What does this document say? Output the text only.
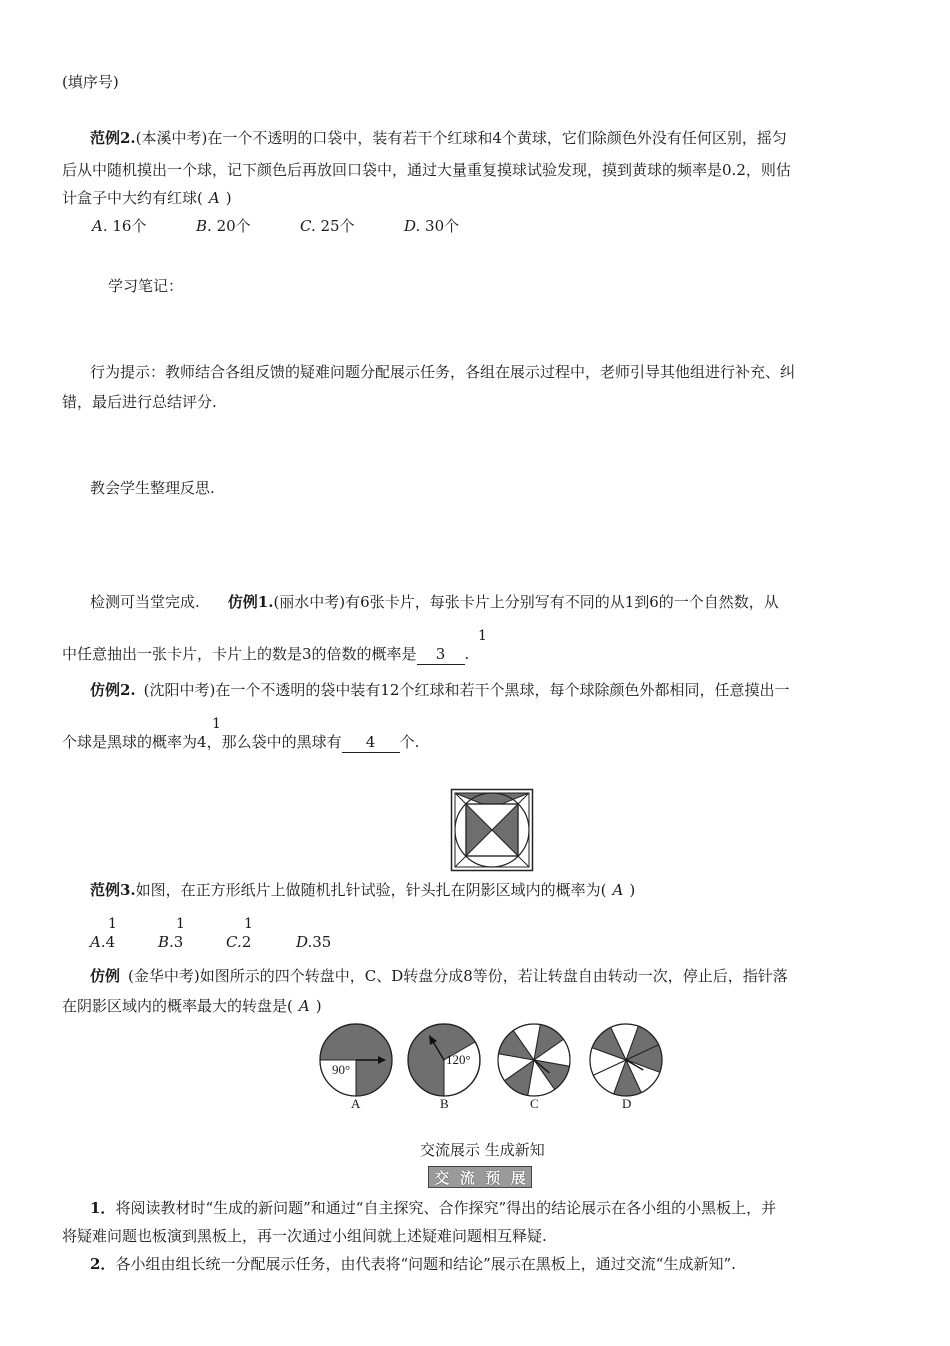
(填序号)
范例2.(本溪中考)在一个不透明的口袋中，装有若干个红球和4个黄球，它们除颜色外没有任何区别，摇匀
后从中随机摸出一个球，记下颜色后再放回口袋中，通过大量重复摸球试验发现，摸到黄球的频率是0.2，则估
计盒子中大约有红球( A )
A. 16个	B. 20个	C. 25个	D. 30个
学习笔记：
行为提示：教师结合各组反馈的疑难问题分配展示任务，各组在展示过程中，老师引导其他组进行补充、纠
错，最后进行总结评分.
教会学生整理反思.
检测可当堂完成. 仿例1.(丽水中考)有6张卡片，每张卡片上分别写有不同的从1到6的一个自然数，从
1
中任意抽出一张卡片，卡片上的数是3的倍数的概率是 3 .
仿例2. (沈阳中考)在一个不透明的袋中装有12个红球和若干个黑球，每个球除颜色外都相同，任意摸出一
1
个球是黑球的概率为4，那么袋中的黑球有 4 个.
范例3.如图，在正方形纸片上做随机扎针试验，针头扎在阴影区域内的概率为( A )
1
A.4
1
B.3
1
C.2	D.35
仿例 (金华中考)如图所示的四个转盘中，C、D转盘分成8等份，若让转盘自由转动一次，停止后，指针落
在阴影区域内的概率最大的转盘是( A )
90°
120°
A	B	C	D
交流展示 生成新知
交 流 预 展
1．将阅读教材时“生成的新问题”和通过“自主探究、合作探究”得出的结论展示在各小组的小黑板上，并
将疑难问题也板演到黑板上，再一次通过小组间就上述疑难问题相互释疑.
2．各小组由组长统一分配展示任务，由代表将“问题和结论”展示在黑板上，通过交流“生成新知”.
